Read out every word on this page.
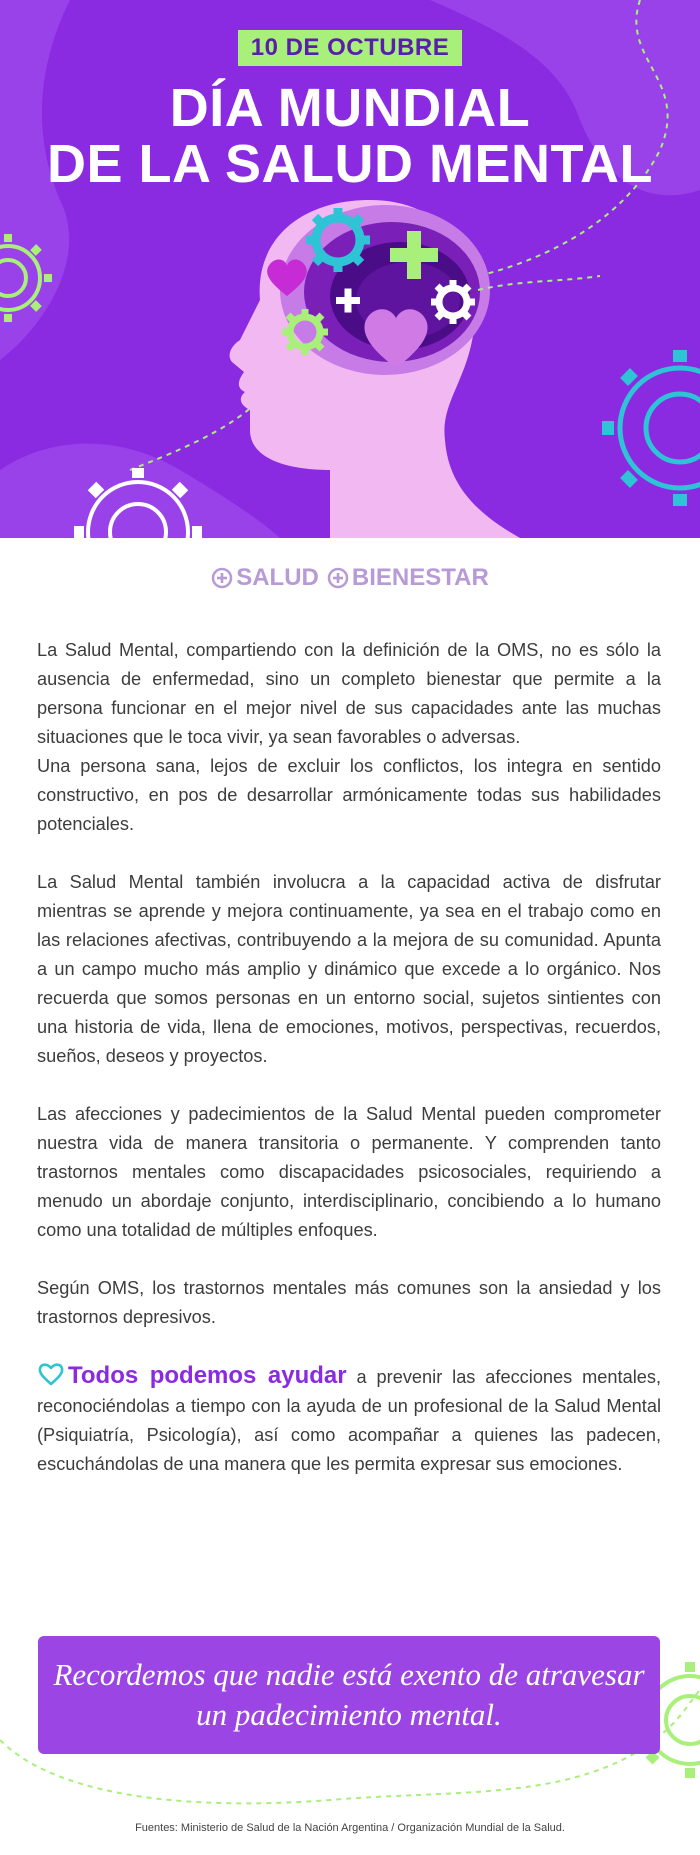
10 DE OCTUBRE
DÍA MUNDIAL
DE LA SALUD MENTAL
SALUD BIENESTAR

La Salud Mental, compartiendo con la definición de la OMS, no es sólo la ausencia de enfermedad, sino un completo bienestar que permite a la persona funcionar en el mejor nivel de sus capacidades ante las muchas situaciones que le toca vivir, ya sean favorables o adversas.

Una persona sana, lejos de excluir los conflictos, los integra en sentido constructivo, en pos de desarrollar armónicamente todas sus habilidades potenciales.

La Salud Mental también involucra a la capacidad activa de disfrutar mientras se aprende y mejora continuamente, ya sea en el trabajo como en las relaciones afectivas, contribuyendo a la mejora de su comunidad. Apunta a un campo mucho más amplio y dinámico que excede a lo orgánico. Nos recuerda que somos personas en un entorno social, sujetos sintientes con una historia de vida, llena de emociones, motivos, perspectivas, recuerdos, sueños, deseos y proyectos.

Las afecciones y padecimientos de la Salud Mental pueden comprometer nuestra vida de manera transitoria o permanente. Y comprenden tanto trastornos mentales como discapacidades psicosociales, requiriendo a menudo un abordaje conjunto, interdisciplinario, concibiendo a lo humano como una totalidad de múltiples enfoques.

Según OMS, los trastornos mentales más comunes son la ansiedad y los trastornos depresivos.

Todos podemos ayudar a prevenir las afecciones mentales, reconociéndolas a tiempo con la ayuda de un profesional de la Salud Mental (Psiquiatría, Psicología), así como acompañar a quienes las padecen, escuchándolas de una manera que les permita expresar sus emociones.

Recordemos que nadie está exento de atravesar un padecimiento mental.
Fuentes: Ministerio de Salud de la Nación Argentina / Organización Mundial de la Salud.
